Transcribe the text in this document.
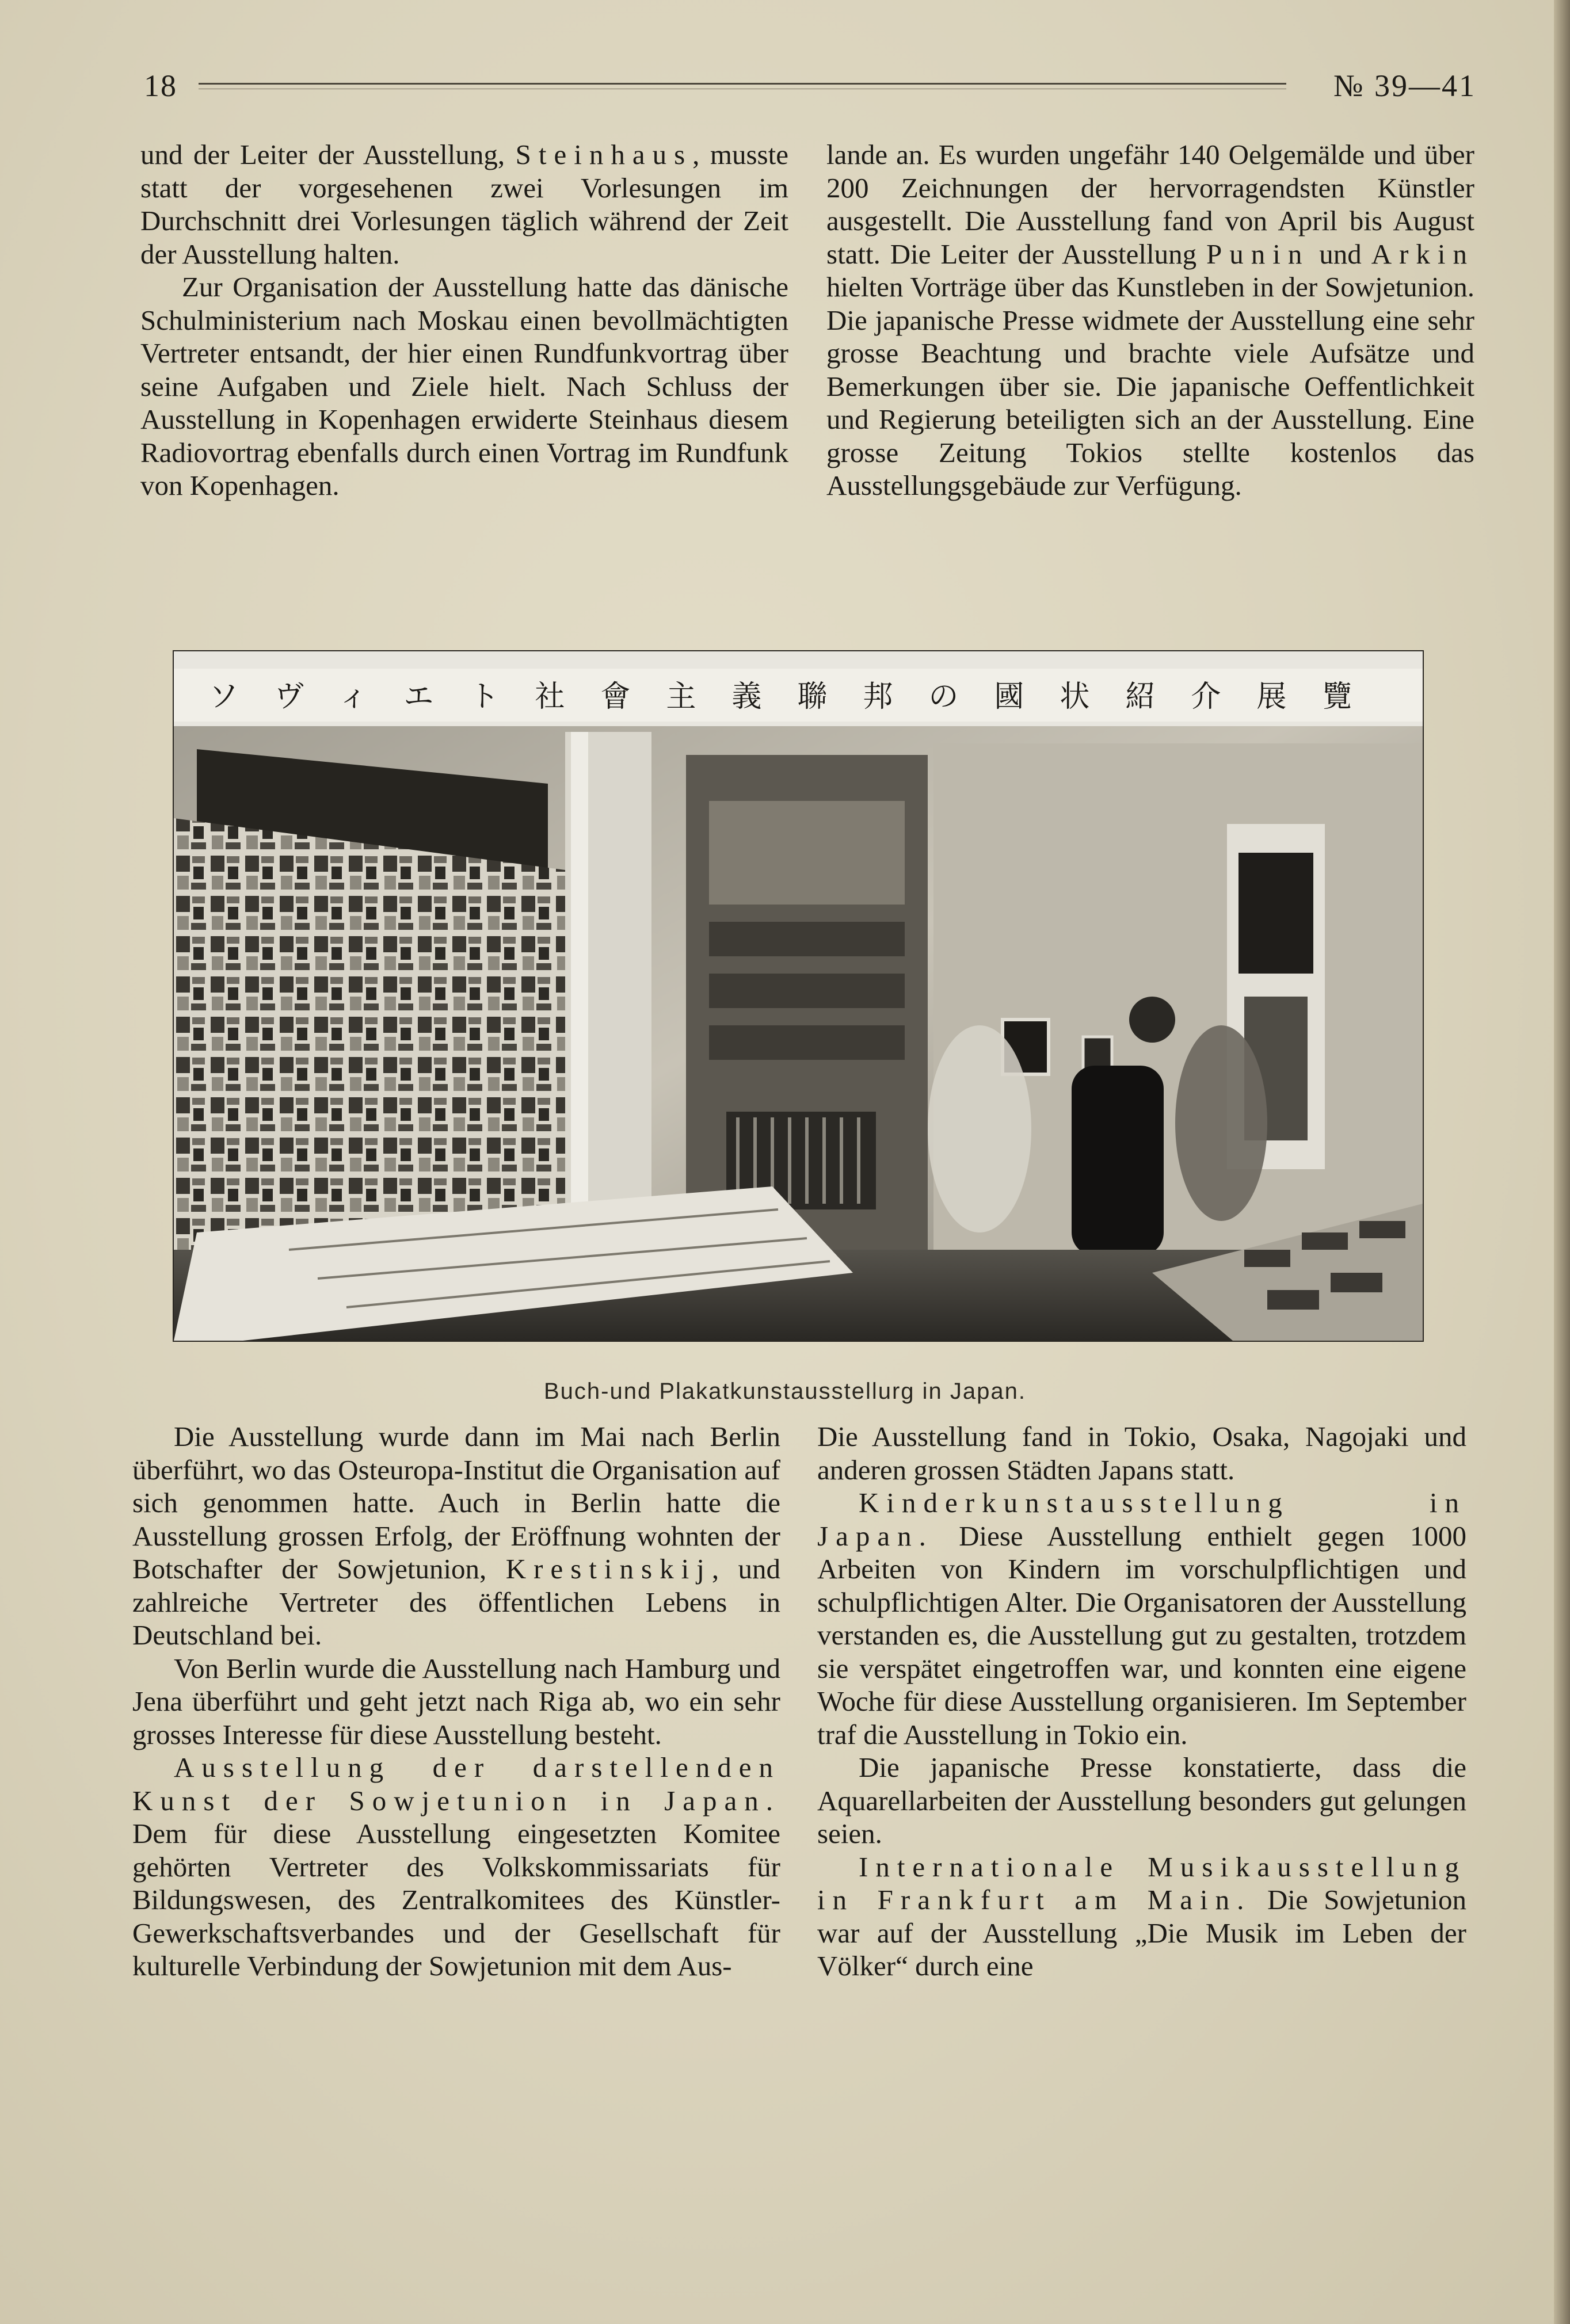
18	№ 39—41

und der Leiter der Ausstellung, Steinhaus, musste statt der vorgesehenen zwei Vorlesungen im Durchschnitt drei Vorlesungen täglich während der Zeit der Ausstellung halten.

Zur Organisation der Ausstellung hatte das dänische Schulministerium nach Moskau einen bevollmächtigten Vertreter entsandt, der hier einen Rundfunkvortrag über seine Aufgaben und Ziele hielt. Nach Schluss der Ausstellung in Kopenhagen erwiderte Steinhaus diesem Radiovortrag ebenfalls durch einen Vortrag im Rundfunk von Kopenhagen.

lande an. Es wurden ungefähr 140 Oelgemälde und über 200 Zeichnungen der hervorragendsten Künstler ausgestellt. Die Ausstellung fand von April bis August statt. Die Leiter der Ausstellung Punin und Arkin hielten Vorträge über das Kunstleben in der Sowjetunion. Die japanische Presse widmete der Ausstellung eine sehr grosse Beachtung und brachte viele Aufsätze und Bemerkungen über sie. Die japanische Oeffentlichkeit und Regierung beteiligten sich an der Ausstellung. Eine grosse Zeitung Tokios stellte kostenlos das Ausstellungsgebäude zur Verfügung.

ソヴィエト社會主義聯邦の國状紹介展覽
Buch-und Plakatkunstausstellurg in Japan.

Die Ausstellung wurde dann im Mai nach Berlin überführt, wo das Osteuropa-Institut die Organisation auf sich genommen hatte. Auch in Berlin hatte die Ausstellung grossen Erfolg, der Eröffnung wohnten der Botschafter der Sowjetunion, Krestinskij, und zahlreiche Vertreter des öffentlichen Lebens in Deutschland bei.

Von Berlin wurde die Ausstellung nach Hamburg und Jena überführt und geht jetzt nach Riga ab, wo ein sehr grosses Interesse für diese Ausstellung besteht.

Ausstellung der darstellenden Kunst der Sowjetunion in Japan. Dem für diese Ausstellung eingesetzten Komitee gehörten Vertreter des Volkskommissariats für Bildungswesen, des Zentralkomitees des Künstler-Gewerkschaftsverbandes und der Gesellschaft für kulturelle Verbindung der Sowjetunion mit dem Aus-

Die Ausstellung fand in Tokio, Osaka, Nagojaki und anderen grossen Städten Japans statt.

Kinderkunstausstellung in Japan. Diese Ausstellung enthielt gegen 1000 Arbeiten von Kindern im vorschulpflichtigen und schulpflichtigen Alter. Die Organisatoren der Ausstellung verstanden es, die Ausstellung gut zu gestalten, trotzdem sie verspätet eingetroffen war, und konnten eine eigene Woche für diese Ausstellung organisieren. Im September traf die Ausstellung in Tokio ein.

Die japanische Presse konstatierte, dass die Aquarellarbeiten der Ausstellung besonders gut gelungen seien.

Internationale Musikausstellung in Frankfurt am Main. Die Sowjetunion war auf der Ausstellung „Die Musik im Leben der Völker“ durch eine
